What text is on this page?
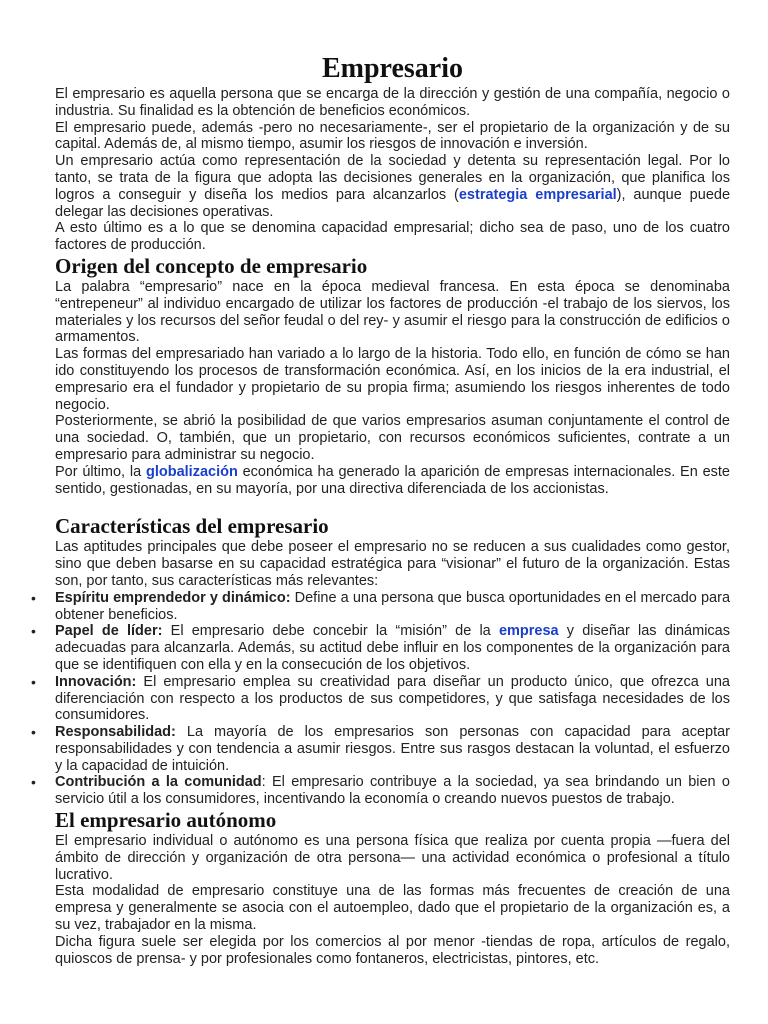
Empresario

El empresario es aquella persona que se encarga de la dirección y gestión de una compañía, negocio o industria. Su finalidad es la obtención de beneficios económicos.

El empresario puede, además -pero no necesariamente-, ser el propietario de la organización y de su capital. Además de, al mismo tiempo, asumir los riesgos de innovación e inversión.

Un empresario actúa como representación de la sociedad y detenta su representación legal. Por lo tanto, se trata de la figura que adopta las decisiones generales en la organización, que planifica los logros a conseguir y diseña los medios para alcanzarlos (estrategia empresarial), aunque puede delegar las decisiones operativas.

A esto último es a lo que se denomina capacidad empresarial; dicho sea de paso, uno de los cuatro factores de producción.

Origen del concepto de empresario

La palabra “empresario” nace en la época medieval francesa. En esta época se denominaba “entrepeneur” al individuo encargado de utilizar los factores de producción -el trabajo de los siervos, los materiales y los recursos del señor feudal o del rey- y asumir el riesgo para la construcción de edificios o armamentos.

Las formas del empresariado han variado a lo largo de la historia. Todo ello, en función de cómo se han ido constituyendo los procesos de transformación económica. Así, en los inicios de la era industrial, el empresario era el fundador y propietario de su propia firma; asumiendo los riesgos inherentes de todo negocio.

Posteriormente, se abrió la posibilidad de que varios empresarios asuman conjuntamente el control de una sociedad. O, también, que un propietario, con recursos económicos suficientes, contrate a un empresario para administrar su negocio.

Por último, la globalización económica ha generado la aparición de empresas internacionales. En este sentido, gestionadas, en su mayoría, por una directiva diferenciada de los accionistas.

Características del empresario

Las aptitudes principales que debe poseer el empresario no se reducen a sus cualidades como gestor, sino que deben basarse en su capacidad estratégica para “visionar” el futuro de la organización. Estas son, por tanto, sus características más relevantes:

• Espíritu emprendedor y dinámico: Define a una persona que busca oportunidades en el mercado para obtener beneficios.
• Papel de líder: El empresario debe concebir la “misión” de la empresa y diseñar las dinámicas adecuadas para alcanzarla. Además, su actitud debe influir en los componentes de la organización para que se identifiquen con ella y en la consecución de los objetivos.
• Innovación: El empresario emplea su creatividad para diseñar un producto único, que ofrezca una diferenciación con respecto a los productos de sus competidores, y que satisfaga necesidades de los consumidores.
• Responsabilidad: La mayoría de los empresarios son personas con capacidad para aceptar responsabilidades y con tendencia a asumir riesgos. Entre sus rasgos destacan la voluntad, el esfuerzo y la capacidad de intuición.
• Contribución a la comunidad: El empresario contribuye a la sociedad, ya sea brindando un bien o servicio útil a los consumidores, incentivando la economía o creando nuevos puestos de trabajo.
El empresario autónomo

El empresario individual o autónomo es una persona física que realiza por cuenta propia —fuera del ámbito de dirección y organización de otra persona— una actividad económica o profesional a título lucrativo.

Esta modalidad de empresario constituye una de las formas más frecuentes de creación de una empresa y generalmente se asocia con el autoempleo, dado que el propietario de la organización es, a su vez, trabajador en la misma.

Dicha figura suele ser elegida por los comercios al por menor -tiendas de ropa, artículos de regalo, quioscos de prensa- y por profesionales como fontaneros, electricistas, pintores, etc.
